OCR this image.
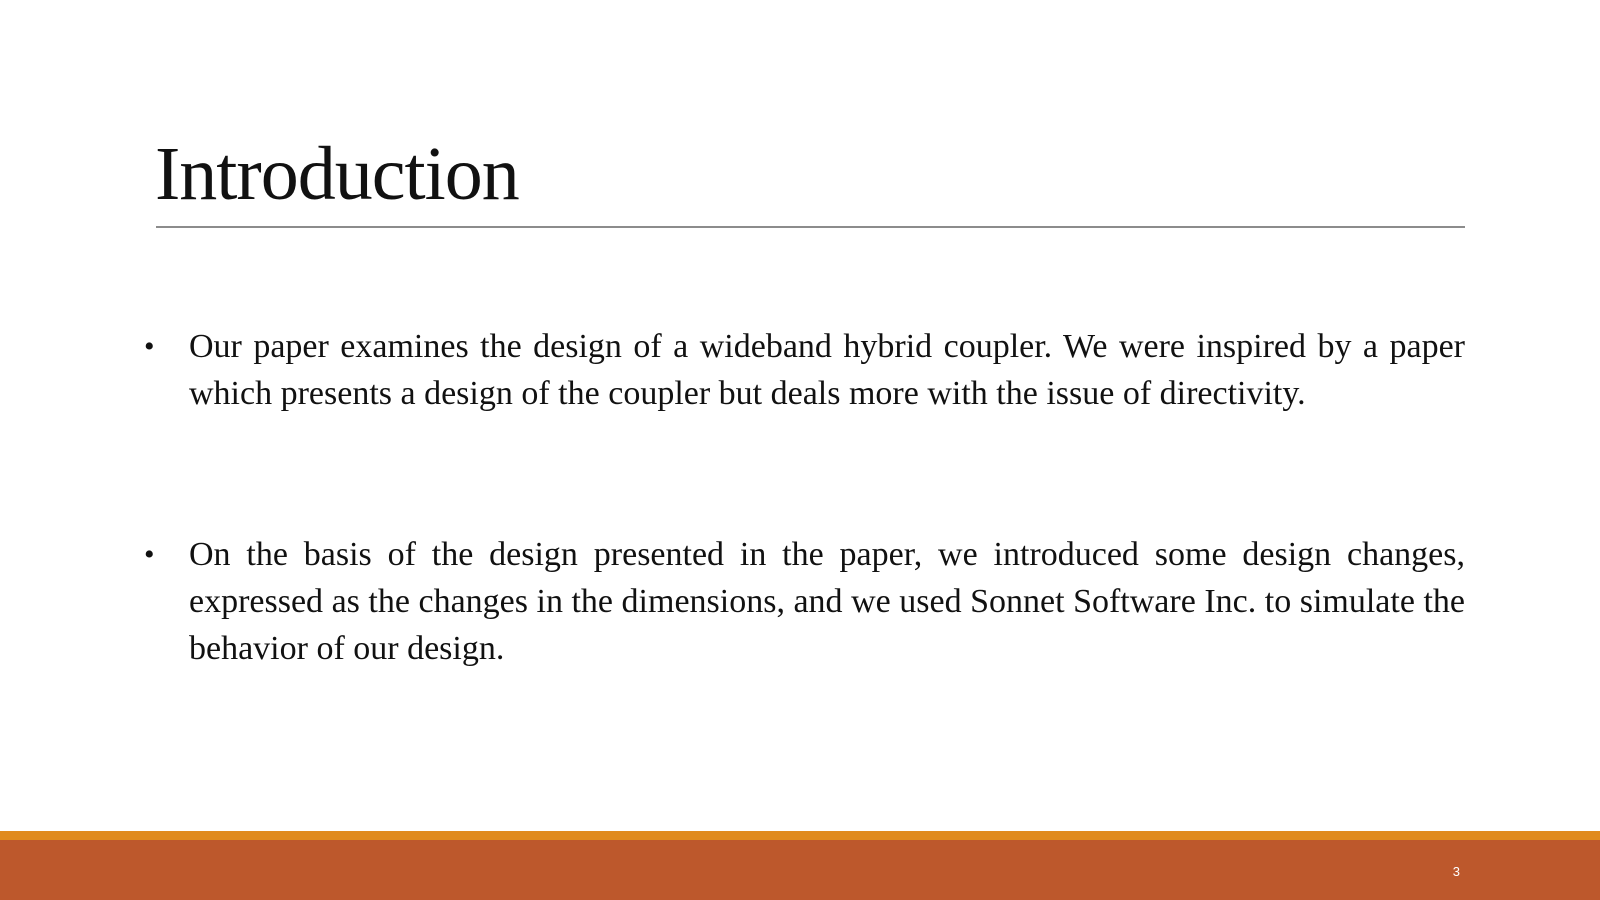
Introduction
• Our paper examines the design of a wideband hybrid coupler. We were inspired by a paper which presents a design of the coupler but deals more with the issue of directivity.
• On the basis of the design presented in the paper, we introduced some design changes, expressed as the changes in the dimensions, and we used Sonnet Software Inc. to simulate the behavior of our design.
3
